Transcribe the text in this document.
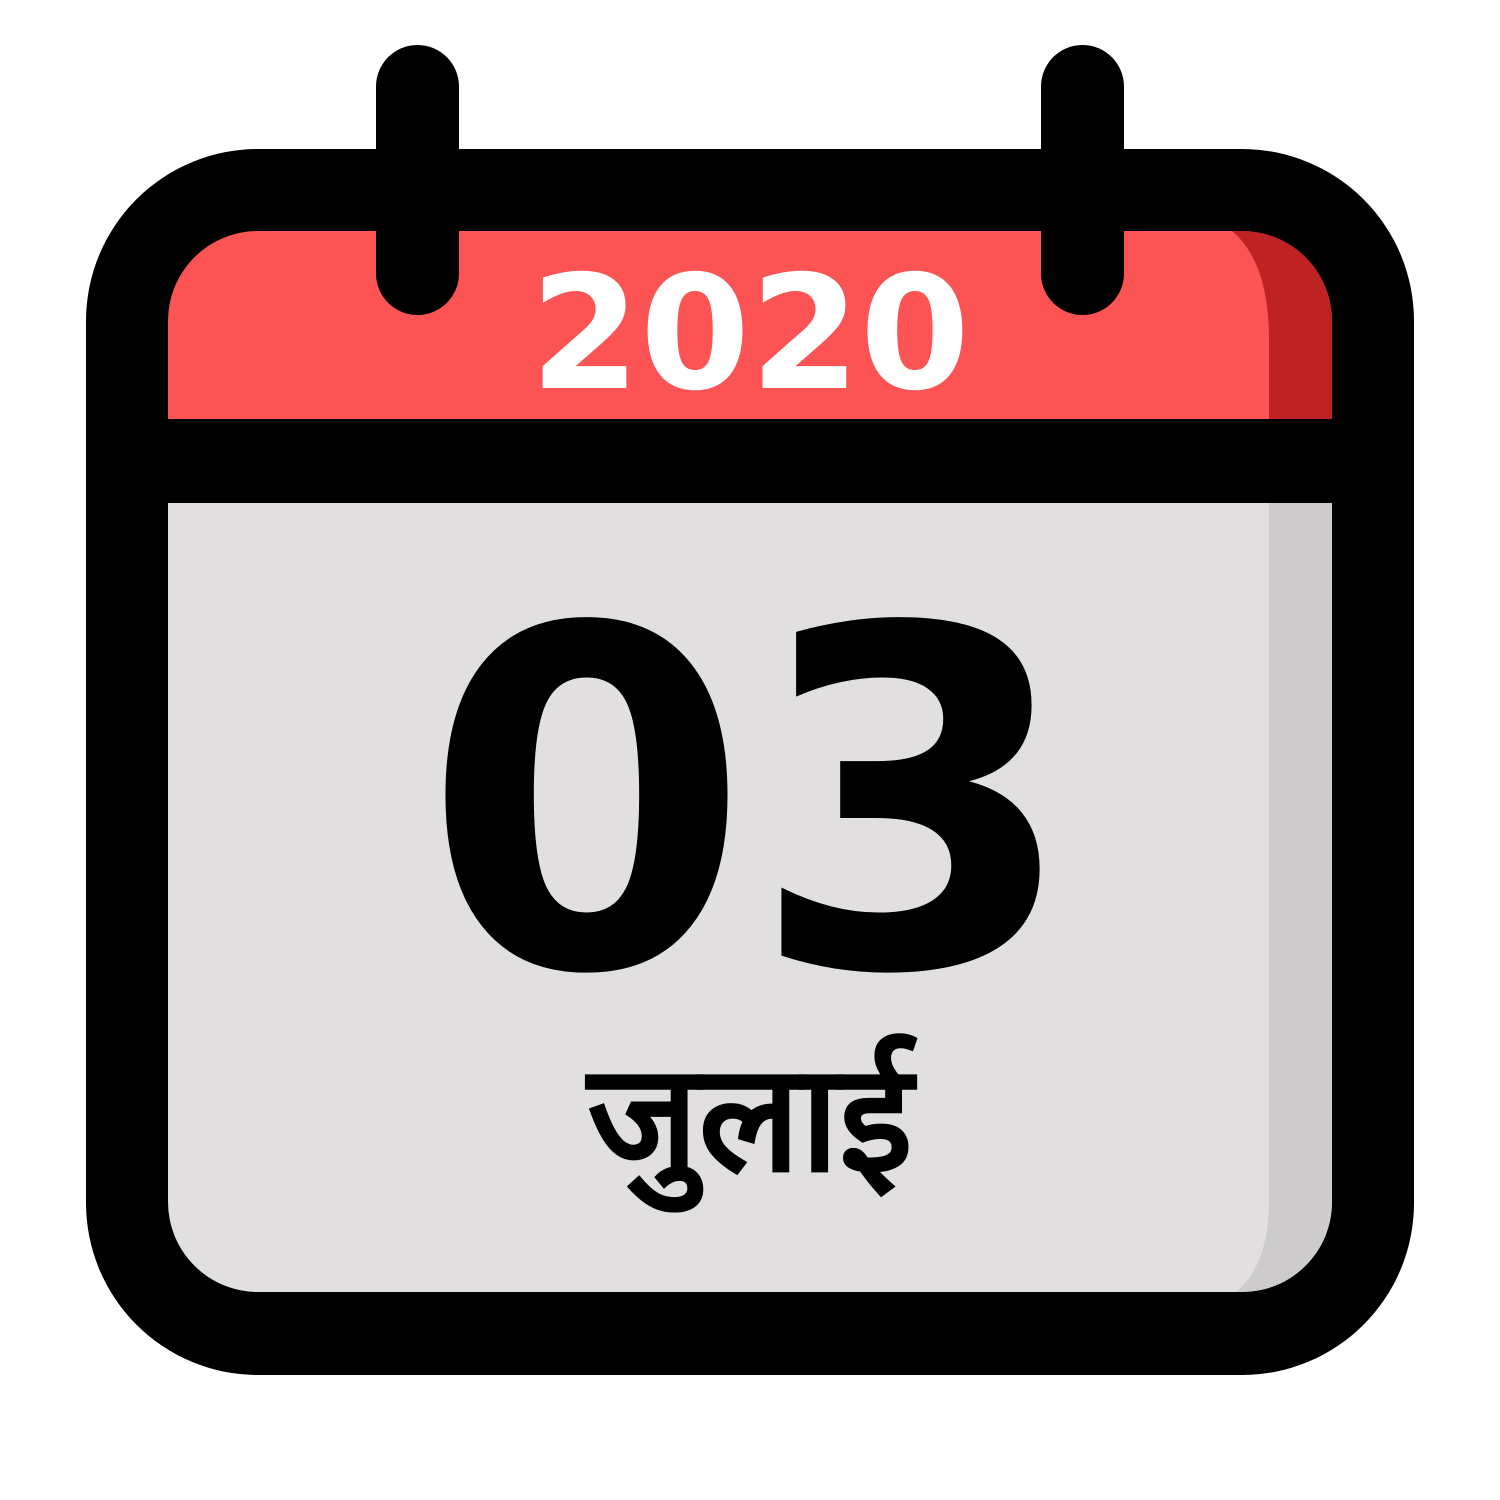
2020
03
जुलाई
